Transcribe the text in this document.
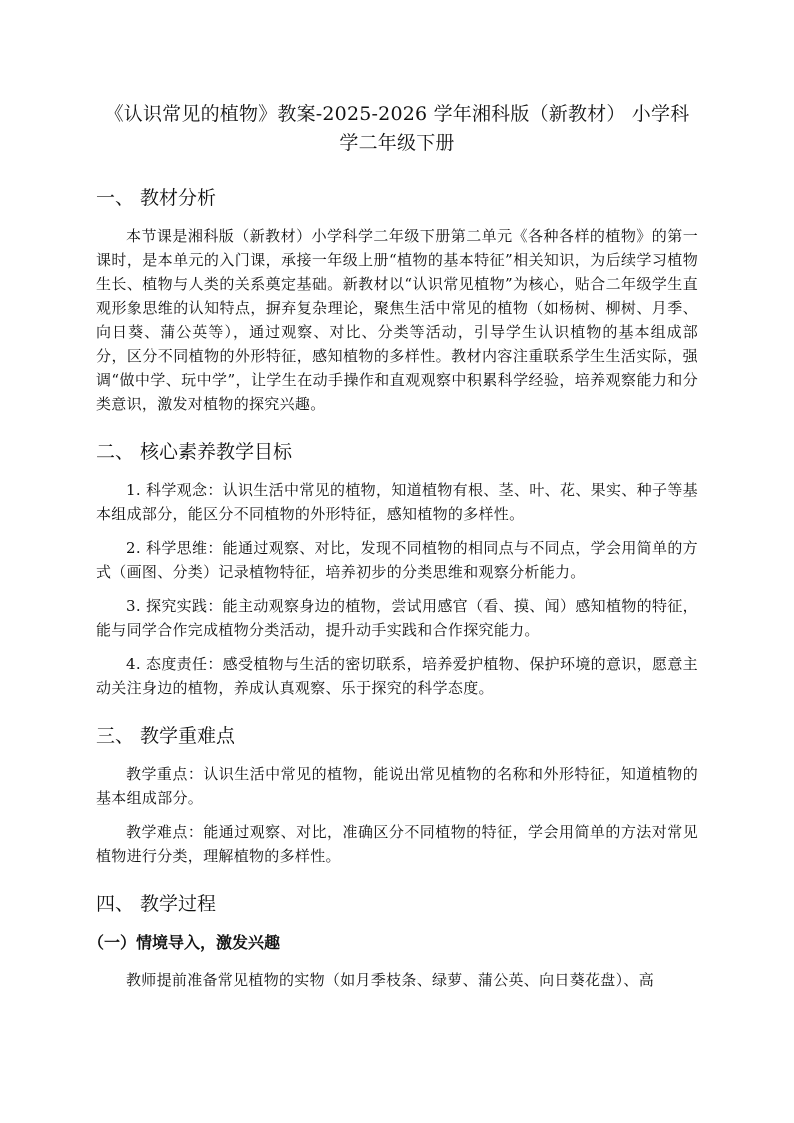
《认识常见的植物》教案-2025-2026 学年湘科版（新教材） 小学科学二年级下册
一、 教材分析

本节课是湘科版（新教材）小学科学二年级下册第二单元《各种各样的植物》的第一课时，是本单元的入门课，承接一年级上册“植物的基本特征”相关知识，为后续学习植物生长、植物与人类的关系奠定基础。新教材以“认识常见植物”为核心，贴合二年级学生直观形象思维的认知特点，摒弃复杂理论，聚焦生活中常见的植物（如杨树、柳树、月季、向日葵、蒲公英等），通过观察、对比、分类等活动，引导学生认识植物的基本组成部分，区分不同植物的外形特征，感知植物的多样性。教材内容注重联系学生生活实际，强调“做中学、玩中学”，让学生在动手操作和直观观察中积累科学经验，培养观察能力和分类意识，激发对植物的探究兴趣。

二、 核心素养教学目标

1. 科学观念：认识生活中常见的植物，知道植物有根、茎、叶、花、果实、种子等基本组成部分，能区分不同植物的外形特征，感知植物的多样性。

2. 科学思维：能通过观察、对比，发现不同植物的相同点与不同点，学会用简单的方式（画图、分类）记录植物特征，培养初步的分类思维和观察分析能力。

3. 探究实践：能主动观察身边的植物，尝试用感官（看、摸、闻）感知植物的特征，能与同学合作完成植物分类活动，提升动手实践和合作探究能力。

4. 态度责任：感受植物与生活的密切联系，培养爱护植物、保护环境的意识，愿意主动关注身边的植物，养成认真观察、乐于探究的科学态度。

三、 教学重难点

教学重点：认识生活中常见的植物，能说出常见植物的名称和外形特征，知道植物的基本组成部分。

教学难点：能通过观察、对比，准确区分不同植物的特征，学会用简单的方法对常见植物进行分类，理解植物的多样性。

四、 教学过程
（一）情境导入，激发兴趣

教师提前准备常见植物的实物（如月季枝条、绿萝、蒲公英、向日葵花盘）、高
